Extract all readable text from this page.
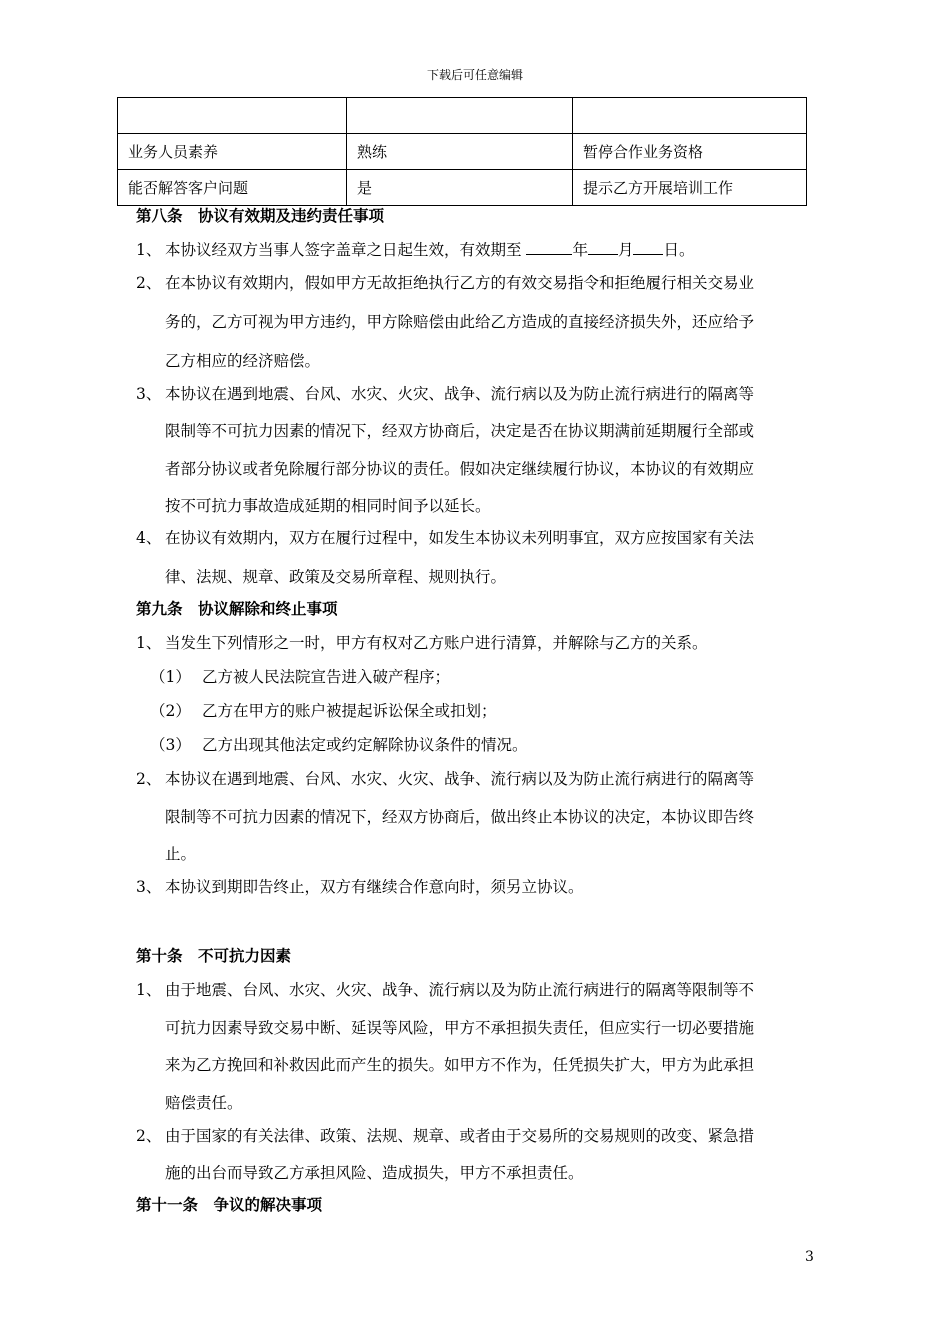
下载后可任意编辑

业务人员素养	熟练	暂停合作业务资格
能否解答客户问题	是	提示乙方开展培训工作
第八条　协议有效期及违约责任事项
1、 本协议经双方当事人签字盖章之日起生效，有效期至	年 月 日。
2、 在本协议有效期内，假如甲方无故拒绝执行乙方的有效交易指令和拒绝履行相关交易业
务的，乙方可视为甲方违约，甲方除赔偿由此给乙方造成的直接经济损失外，还应给予
乙方相应的经济赔偿。
3、 本协议在遇到地震、台风、水灾、火灾、战争、流行病以及为防止流行病进行的隔离等
限制等不可抗力因素的情况下，经双方协商后，决定是否在协议期满前延期履行全部或
者部分协议或者免除履行部分协议的责任。假如决定继续履行协议，本协议的有效期应
按不可抗力事故造成延期的相同时间予以延长。
4、 在协议有效期内，双方在履行过程中，如发生本协议未列明事宜，双方应按国家有关法
律、法规、规章、政策及交易所章程、规则执行。
第九条　协议解除和终止事项
1、 当发生下列情形之一时，甲方有权对乙方账户进行清算，并解除与乙方的关系。
（1） 乙方被人民法院宣告进入破产程序；
（2） 乙方在甲方的账户被提起诉讼保全或扣划；
（3） 乙方出现其他法定或约定解除协议条件的情况。
2、 本协议在遇到地震、台风、水灾、火灾、战争、流行病以及为防止流行病进行的隔离等
限制等不可抗力因素的情况下，经双方协商后，做出终止本协议的决定，本协议即告终
止。
3、 本协议到期即告终止，双方有继续合作意向时，须另立协议。
第十条　不可抗力因素
1、 由于地震、台风、水灾、火灾、战争、流行病以及为防止流行病进行的隔离等限制等不
可抗力因素导致交易中断、延误等风险，甲方不承担损失责任，但应实行一切必要措施
来为乙方挽回和补救因此而产生的损失。如甲方不作为，任凭损失扩大，甲方为此承担
赔偿责任。
2、 由于国家的有关法律、政策、法规、规章、或者由于交易所的交易规则的改变、紧急措
施的出台而导致乙方承担风险、造成损失，甲方不承担责任。
第十一条　争议的解决事项
3
